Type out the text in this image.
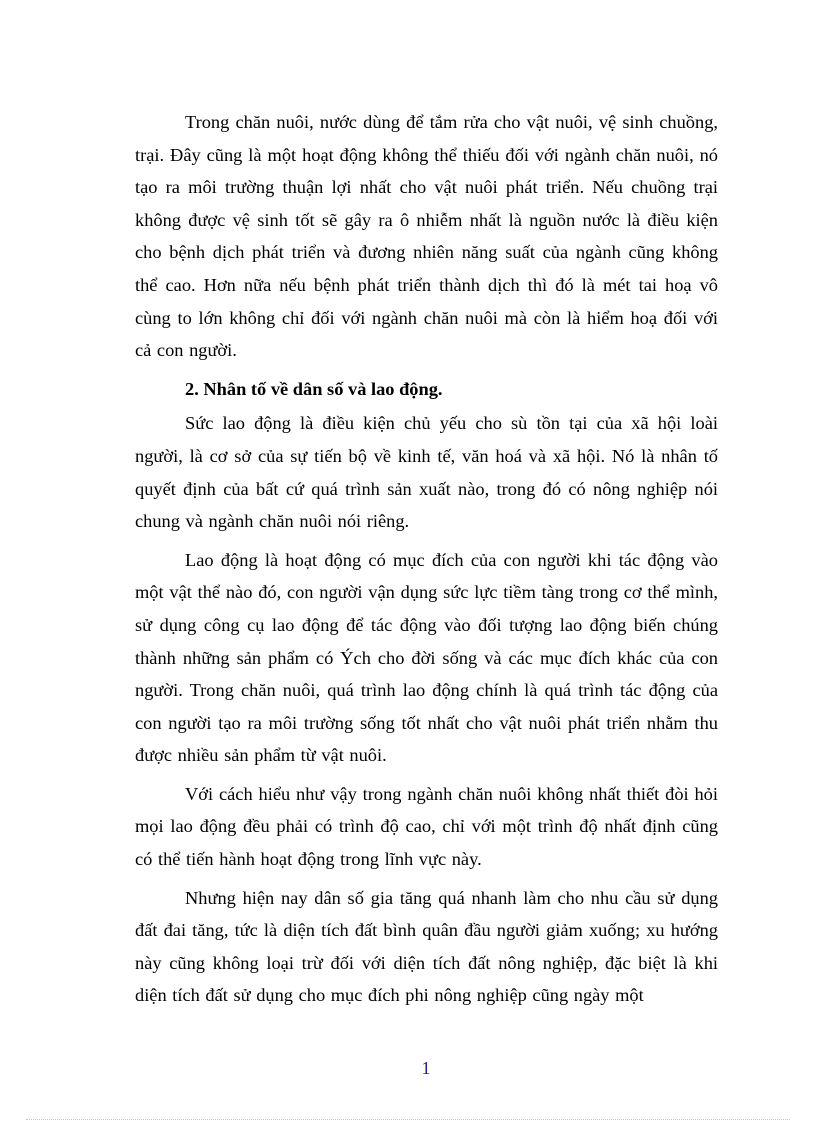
Trong chăn nuôi, nước dùng để tắm rửa cho vật nuôi, vệ sinh chuồng, trại. Đây cũng là một hoạt động không thể thiếu đối với ngành chăn nuôi, nó tạo ra môi trường thuận lợi nhất cho vật nuôi phát triển. Nếu chuồng trại không được vệ sinh tốt sẽ gây ra ô nhiễm nhất là nguồn nước là điều kiện cho bệnh dịch phát triển và đương nhiên năng suất của ngành cũng không thể cao. Hơn nữa nếu bệnh phát triển thành dịch thì đó là mét tai hoạ vô cùng to lớn không chỉ đối với ngành chăn nuôi mà còn là hiểm hoạ đối với cả con người.

2. Nhân tố về dân số và lao động.

Sức lao động là điều kiện chủ yếu cho sù tồn tại của xã hội loài người, là cơ sở của sự tiến bộ về kinh tế, văn hoá và xã hội. Nó là nhân tố quyết định của bất cứ quá trình sản xuất nào, trong đó có nông nghiệp nói chung và ngành chăn nuôi nói riêng.

Lao động là hoạt động có mục đích của con người khi tác động vào một vật thể nào đó, con người vận dụng sức lực tiềm tàng trong cơ thể mình, sử dụng công cụ lao động để tác động vào đối tượng lao động biến chúng thành những sản phẩm có Ých cho đời sống và các mục đích khác của con người. Trong chăn nuôi, quá trình lao động chính là quá trình tác động của con người tạo ra môi trường sống tốt nhất cho vật nuôi phát triển nhằm thu được nhiều sản phẩm từ vật nuôi.

Với cách hiểu như vậy trong ngành chăn nuôi không nhất thiết đòi hỏi mọi lao động đều phải có trình độ cao, chỉ với một trình độ nhất định cũng có thể tiến hành hoạt động trong lĩnh vực này.

Nhưng hiện nay dân số gia tăng quá nhanh làm cho nhu cầu sử dụng đất đai tăng, tức là diện tích đất bình quân đầu người giảm xuống; xu hướng này cũng không loại trừ đối với diện tích đất nông nghiệp, đặc biệt là khi diện tích đất sử dụng cho mục đích phi nông nghiệp cũng ngày một

1
